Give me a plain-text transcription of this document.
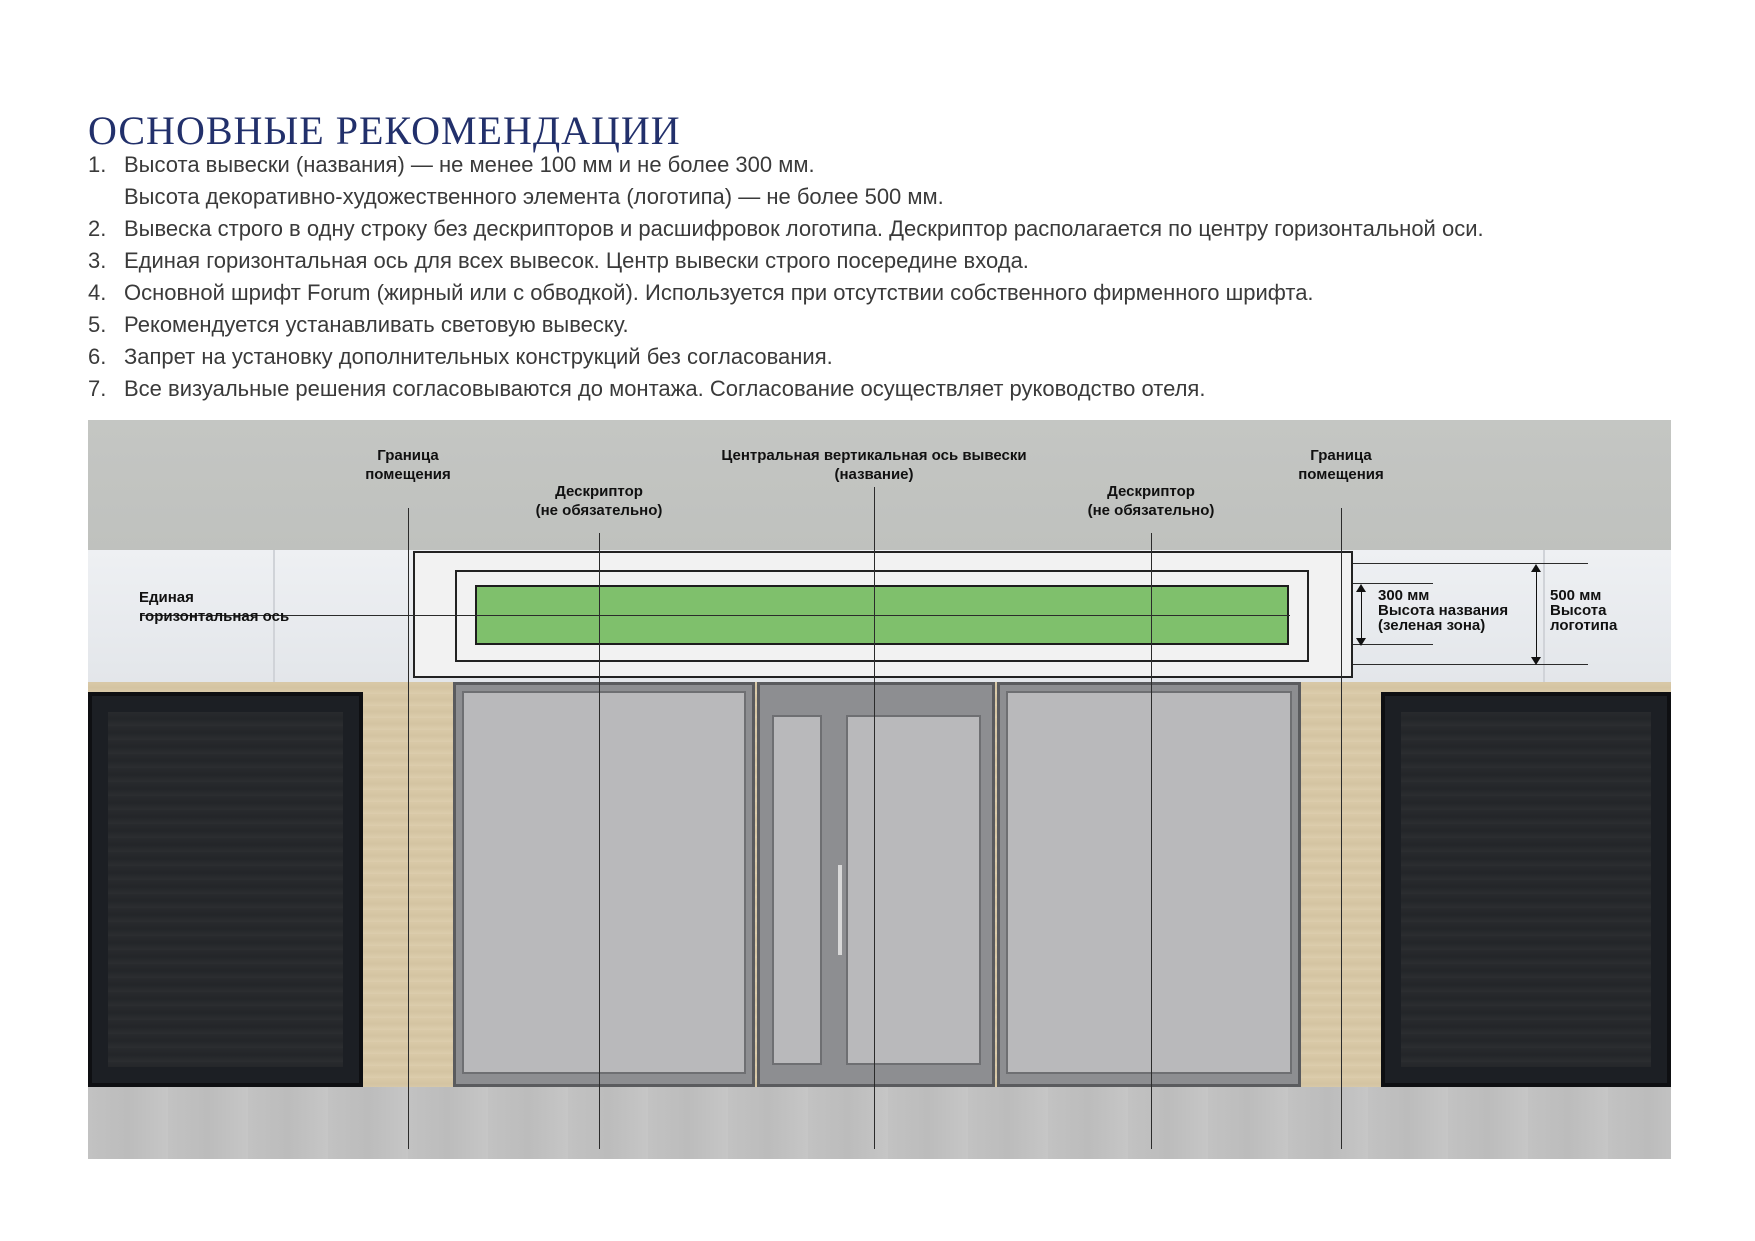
ОСНОВНЫЕ РЕКОМЕНДАЦИИ
1. Высота вывески (названия) — не менее 100 мм и не более 300 мм.
Высота декоративно-художественного элемента (логотипа) — не более 500 мм.
2. Вывеска строго в одну строку без дескрипторов и расшифровок логотипа. Дескриптор располагается по центру горизонтальной оси.
3. Единая горизонтальная ось для всех вывесок. Центр вывески строго посередине входа.
4. Основной шрифт Forum (жирный или с обводкой). Используется при отсутствии собственного фирменного шрифта.
5. Рекомендуется устанавливать световую вывеску.
6. Запрет на установку дополнительных конструкций без согласования.
7. Все визуальные решения согласовываются до монтажа. Согласование осуществляет руководство отеля.
Граница
помещения
Граница
помещения
Центральная вертикальная ось вывески
(название)
Дескриптор
(не обязательно)
Дескриптор
(не обязательно)
Единая
горизонтальная ось
300 мм
Высота названия
(зеленая зона)
500 мм
Высота
логотипа
